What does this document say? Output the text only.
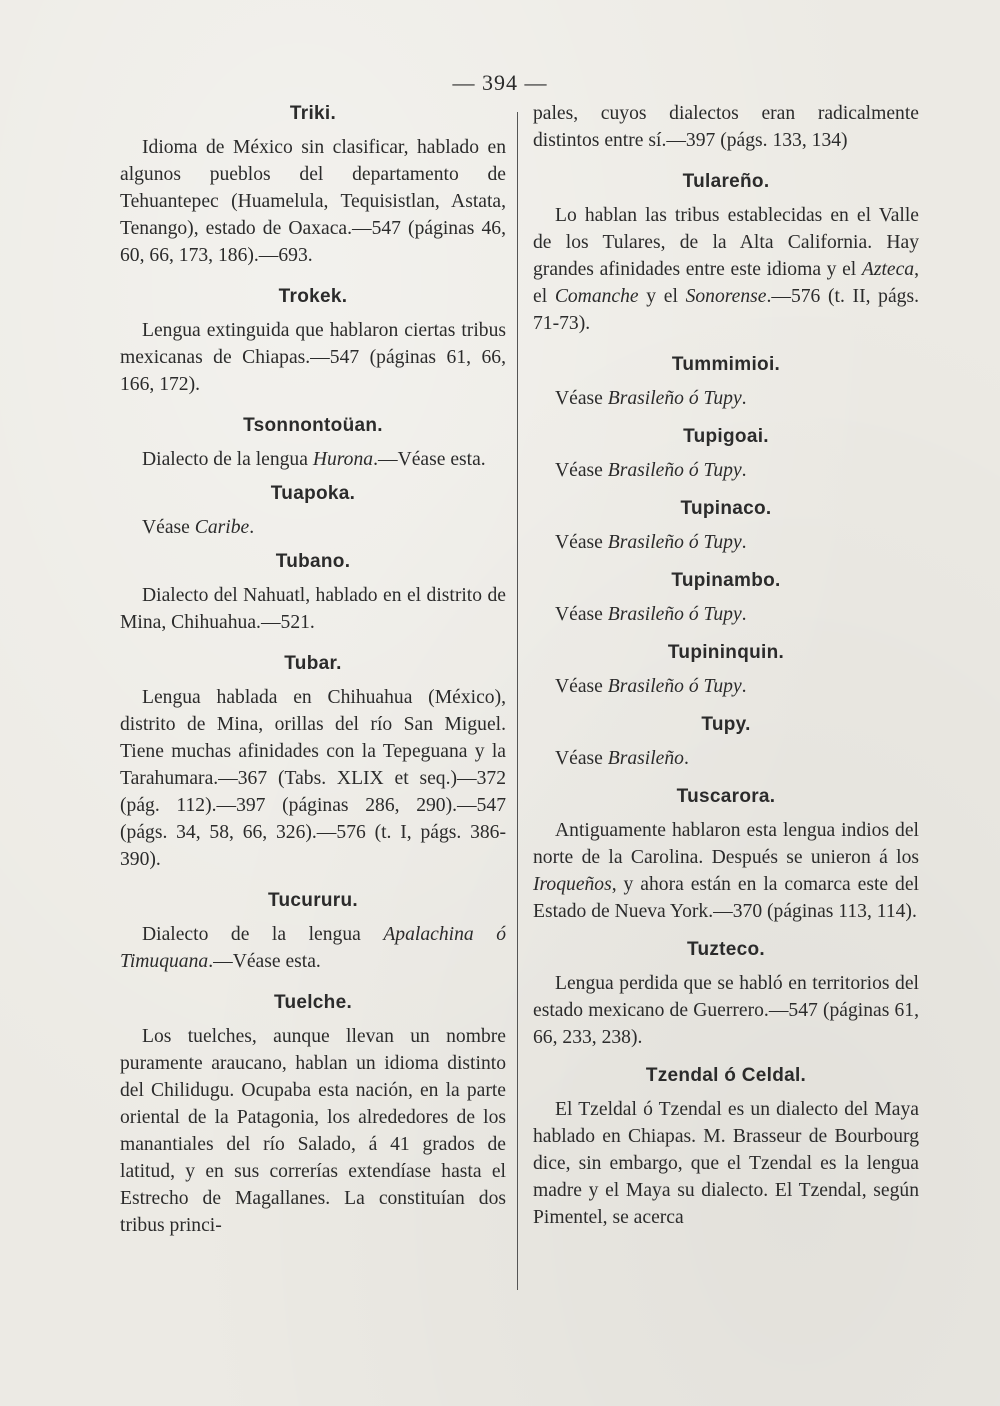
— 394 —
Triki.

Idioma de México sin clasificar, hablado en algunos pueblos del departamento de Tehuantepec (Huamelula, Tequisistlan, Astata, Tenango), estado de Oaxaca.—547 (páginas 46, 60, 66, 173, 186).—693.

Trokek.

Lengua extinguida que hablaron ciertas tribus mexicanas de Chiapas.—547 (páginas 61, 66, 166, 172).

Tsonnontoüan.

Dialecto de la lengua Hurona.—Véase esta.

Tuapoka.

Véase Caribe.

Tubano.

Dialecto del Nahuatl, hablado en el distrito de Mina, Chihuahua.—521.

Tubar.

Lengua hablada en Chihuahua (México), distrito de Mina, orillas del río San Miguel. Tiene muchas afinidades con la Tepeguana y la Tarahumara.—367 (Tabs. XLIX et seq.)—372 (pág. 112).—397 (páginas 286, 290).—547 (págs. 34, 58, 66, 326).—576 (t. I, págs. 386-390).

Tucururu.

Dialecto de la lengua Apalachina ó Timuquana.—Véase esta.

Tuelche.

Los tuelches, aunque llevan un nombre puramente araucano, hablan un idioma distinto del Chilidugu. Ocupaba esta nación, en la parte oriental de la Patagonia, los alrededores de los manantiales del río Salado, á 41 grados de latitud, y en sus correrías extendíase hasta el Estrecho de Magallanes. La constituían dos tribus princi-

pales, cuyos dialectos eran radicalmente distintos entre sí.—397 (págs. 133, 134)

Tulareño.

Lo hablan las tribus establecidas en el Valle de los Tulares, de la Alta California. Hay grandes afinidades entre este idioma y el Azteca, el Comanche y el Sonorense.—576 (t. II, págs. 71-73).

Tummimioi.

Véase Brasileño ó Tupy.

Tupigoai.

Véase Brasileño ó Tupy.

Tupinaco.

Véase Brasileño ó Tupy.

Tupinambo.

Véase Brasileño ó Tupy.

Tupininquin.

Véase Brasileño ó Tupy.

Tupy.

Véase Brasileño.

Tuscarora.

Antiguamente hablaron esta lengua indios del norte de la Carolina. Después se unieron á los Iroqueños, y ahora están en la comarca este del Estado de Nueva York.—370 (páginas 113, 114).

Tuzteco.

Lengua perdida que se habló en territorios del estado mexicano de Guerrero.—547 (páginas 61, 66, 233, 238).

Tzendal ó Celdal.

El Tzeldal ó Tzendal es un dialecto del Maya hablado en Chiapas. M. Brasseur de Bourbourg dice, sin embargo, que el Tzendal es la lengua madre y el Maya su dialecto. El Tzendal, según Pimentel, se acerca
